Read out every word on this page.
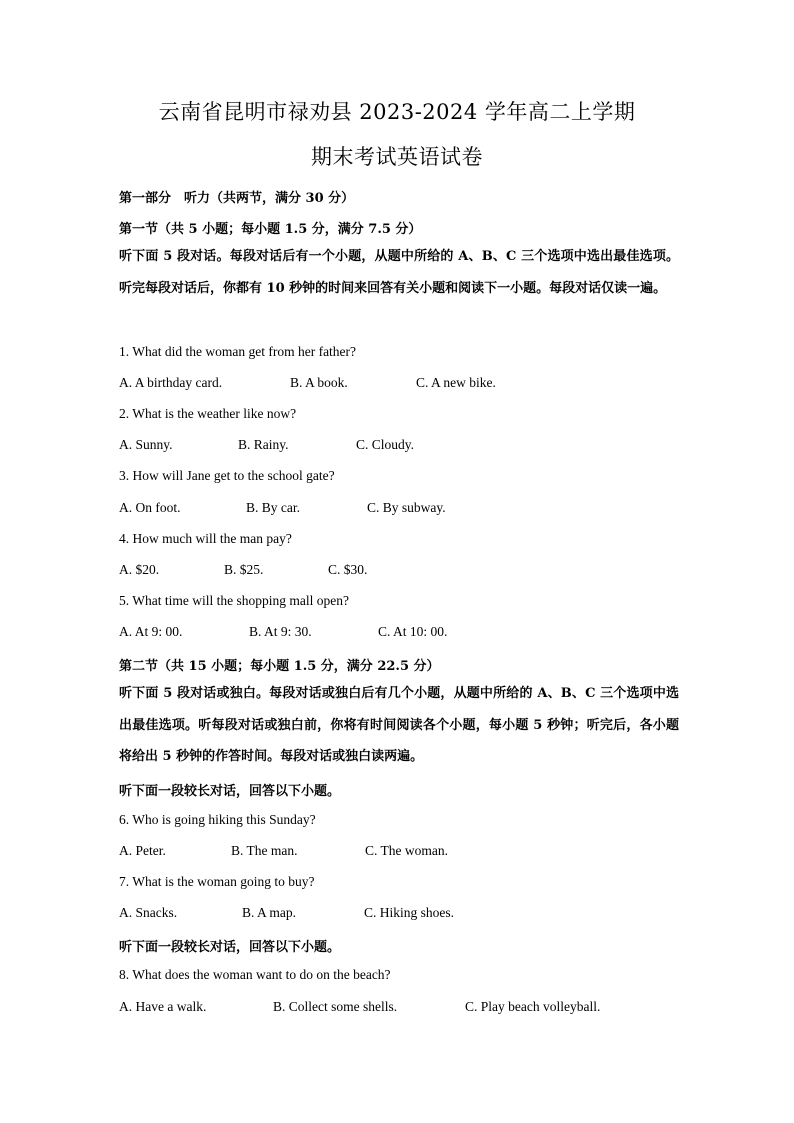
云南省昆明市禄劝县 2023-2024 学年高二上学期
期末考试英语试卷
第一部分　听力（共两节，满分 30 分）
第一节（共 5 小题；每小题 1.5 分，满分 7.5 分）
听下面 5 段对话。每段对话后有一个小题，从题中所给的 A、B、C 三个选项中选出最佳选项。听完每段对话后，你都有 10 秒钟的时间来回答有关小题和阅读下一小题。每段对话仅读一遍。
1. What did the woman get from her father?
A. A birthday card.	B. A book.	C. A new bike.
2. What is the weather like now?
A. Sunny.	B. Rainy.	C. Cloudy.
3. How will Jane get to the school gate?
A. On foot.	B. By car.	C. By subway.
4. How much will the man pay?
A. $20.	B. $25.	C. $30.
5. What time will the shopping mall open?
A. At 9: 00.	B. At 9: 30.	C. At 10: 00.
第二节（共 15 小题；每小题 1.5 分，满分 22.5 分）
听下面 5 段对话或独白。每段对话或独白后有几个小题，从题中所给的 A、B、C 三个选项中选出最佳选项。听每段对话或独白前，你将有时间阅读各个小题，每小题 5 秒钟；听完后，各小题将给出 5 秒钟的作答时间。每段对话或独白读两遍。
听下面一段较长对话，回答以下小题。
6. Who is going hiking this Sunday?
A. Peter.	B. The man.	C. The woman.
7. What is the woman going to buy?
A. Snacks.	B. A map.	C. Hiking shoes.
听下面一段较长对话，回答以下小题。
8. What does the woman want to do on the beach?
A. Have a walk.	B. Collect some shells.	C. Play beach volleyball.
